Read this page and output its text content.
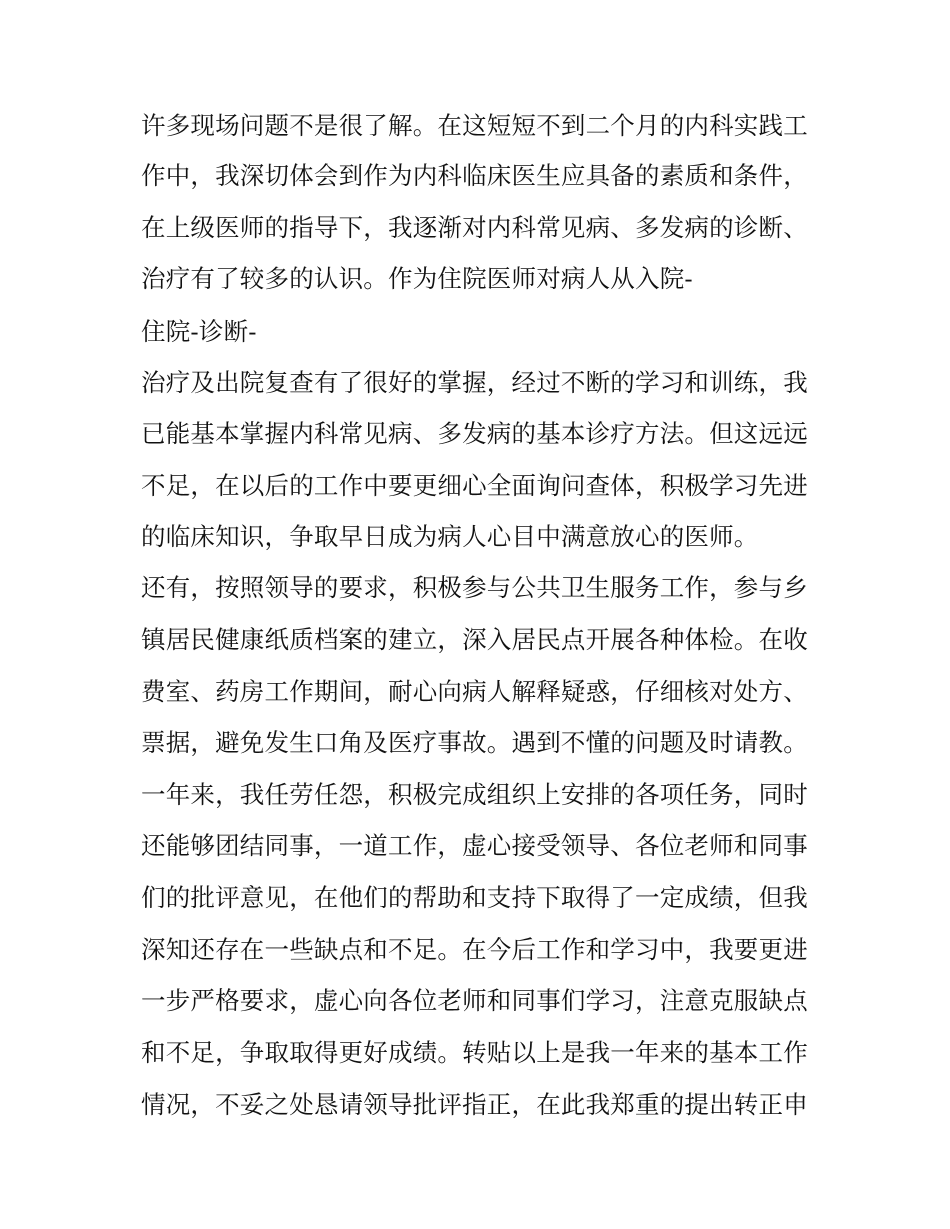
许多现场问题不是很了解。在这短短不到二个月的内科实践工
作中，我深切体会到作为内科临床医生应具备的素质和条件，
在上级医师的指导下，我逐渐对内科常见病、多发病的诊断、
治疗有了较多的认识。作为住院医师对病人从入院-
住院-诊断-
治疗及出院复查有了很好的掌握，经过不断的学习和训练，我
已能基本掌握内科常见病、多发病的基本诊疗方法。但这远远
不足，在以后的工作中要更细心全面询问查体，积极学习先进
的临床知识，争取早日成为病人心目中满意放心的医师。
还有，按照领导的要求，积极参与公共卫生服务工作，参与乡
镇居民健康纸质档案的建立，深入居民点开展各种体检。在收
费室、药房工作期间，耐心向病人解释疑惑，仔细核对处方、
票据，避免发生口角及医疗事故。遇到不懂的问题及时请教。
一年来，我任劳任怨，积极完成组织上安排的各项任务，同时
还能够团结同事，一道工作，虚心接受领导、各位老师和同事
们的批评意见，在他们的帮助和支持下取得了一定成绩，但我
深知还存在一些缺点和不足。在今后工作和学习中，我要更进
一步严格要求，虚心向各位老师和同事们学习，注意克服缺点
和不足，争取取得更好成绩。转贴以上是我一年来的基本工作
情况，不妥之处恳请领导批评指正，在此我郑重的提出转正申
